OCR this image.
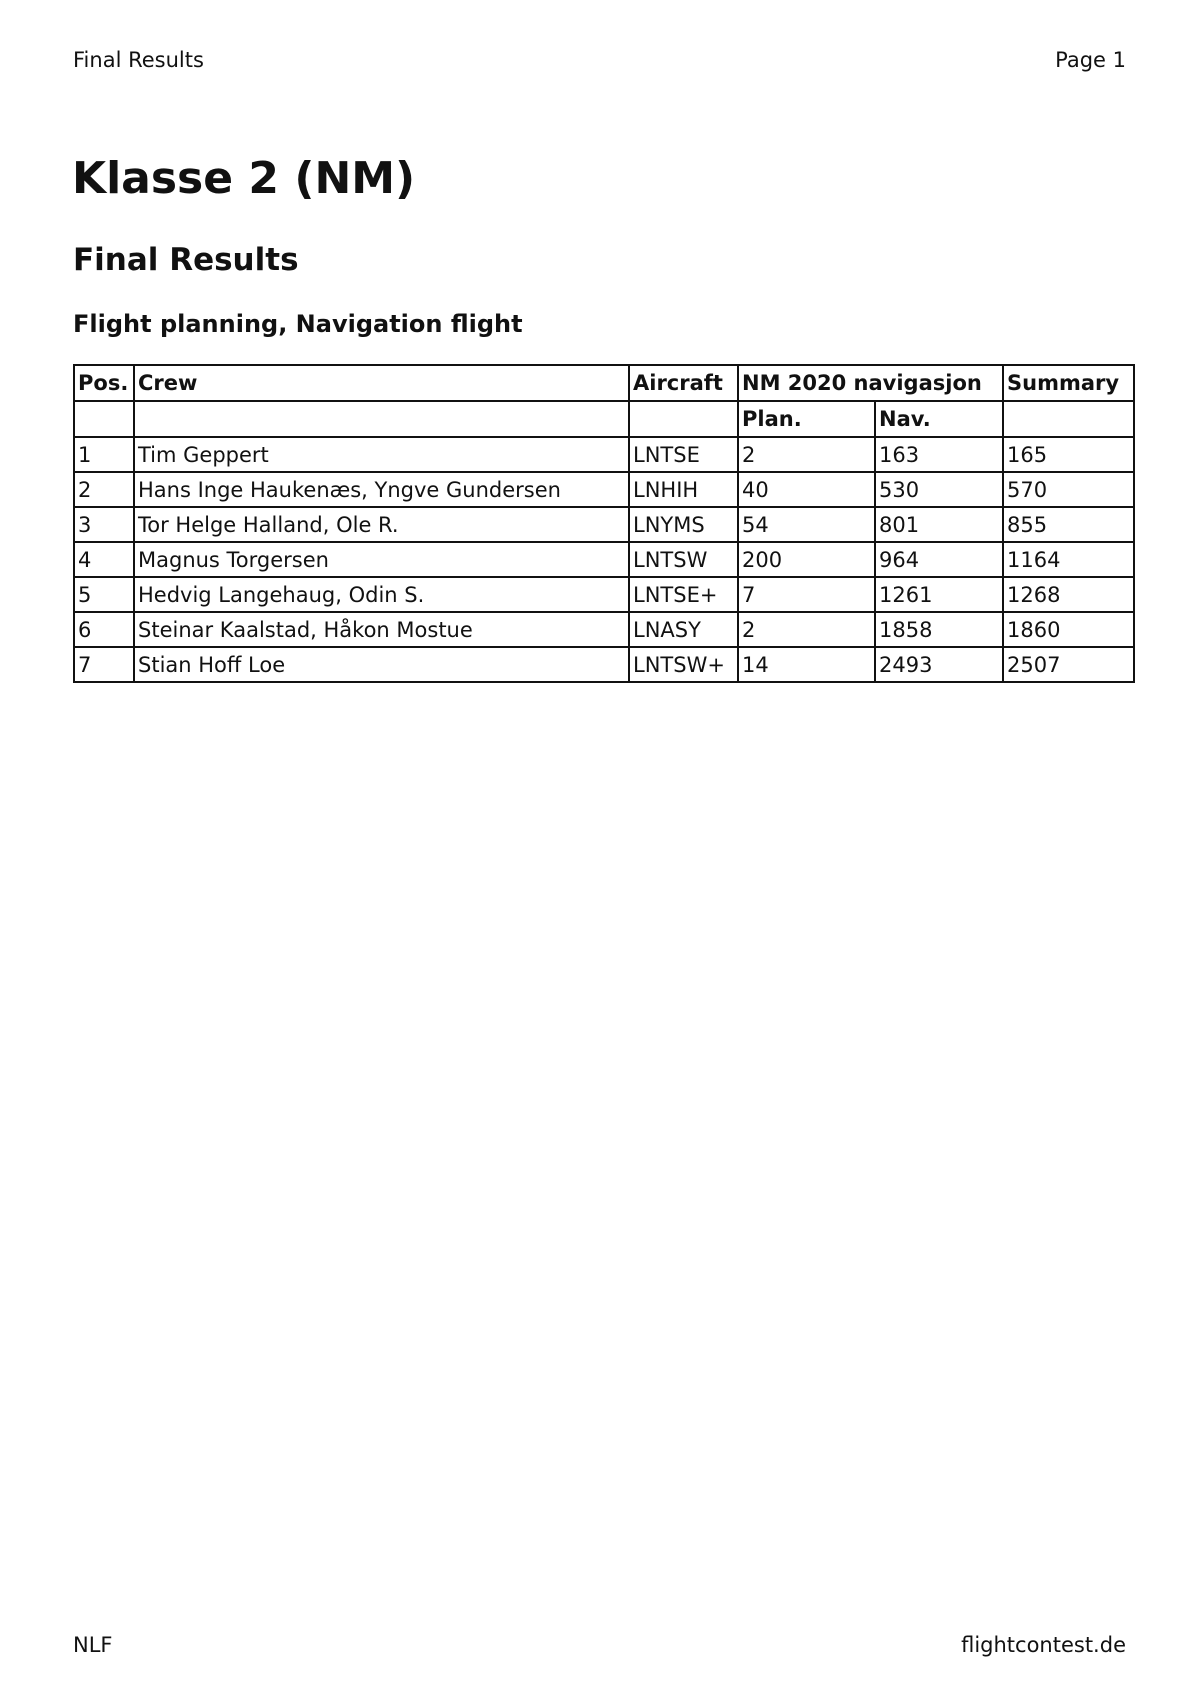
Final Results	Page 1
Klasse 2 (NM)
Final Results
Flight planning, Navigation flight
Pos.	Crew	Aircraft	NM 2020 navigasjon		Summary
			Plan.	Nav.	
1	Tim Geppert	LNTSE	2	163	165
2	Hans Inge Haukenæs, Yngve Gundersen	LNHIH	40	530	570
3	Tor Helge Halland, Ole R.	LNYMS	54	801	855
4	Magnus Torgersen	LNTSW	200	964	1164
5	Hedvig Langehaug, Odin S.	LNTSE+	7	1261	1268
6	Steinar Kaalstad, Håkon Mostue	LNASY	2	1858	1860
7	Stian Hoff Loe	LNTSW+	14	2493	2507
NLF	flightcontest.de
